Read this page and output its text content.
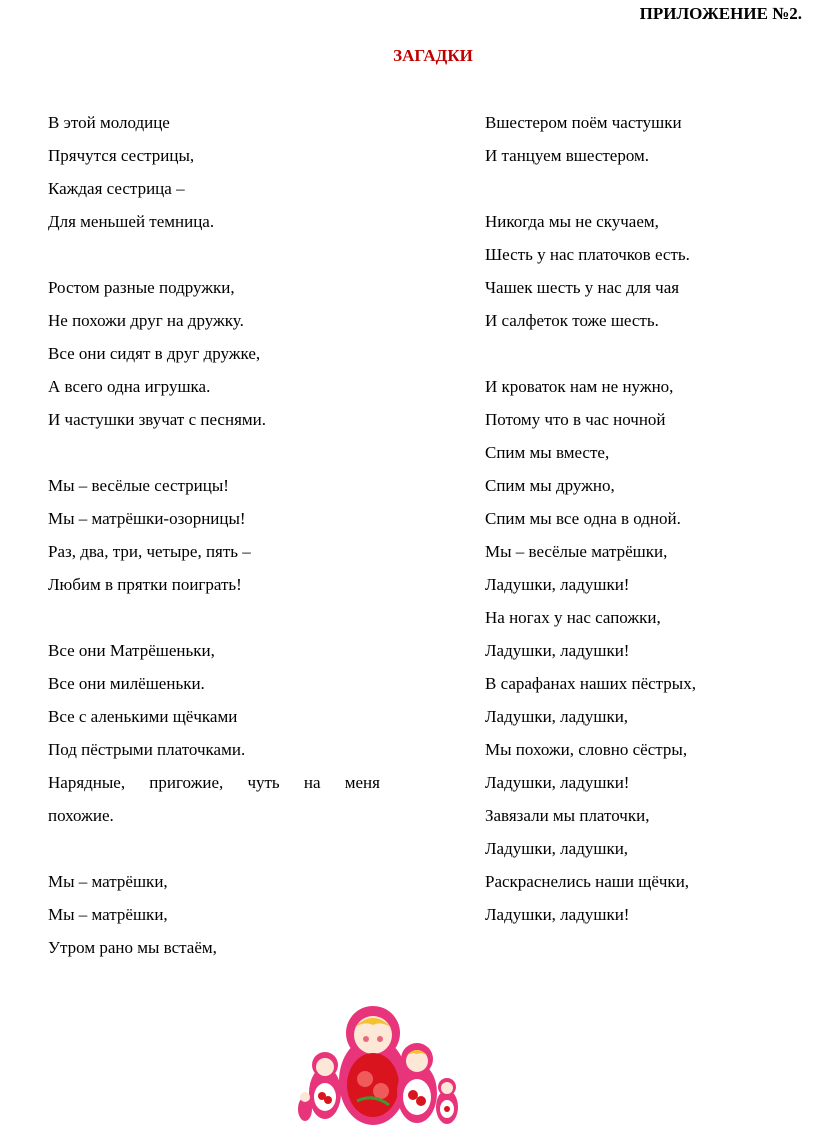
ПРИЛОЖЕНИЕ №2.
ЗАГАДКИ
В этой молодице
Прячутся сестрицы,
Каждая сестрица –
Для меньшей темница.
Ростом разные подружки,
Не похожи друг на дружку.
Все они сидят в друг дружке,
А всего одна игрушка.
И частушки звучат с песнями.
Мы – весёлые сестрицы!
Мы – матрёшки-озорницы!
Раз, два, три, четыре, пять –
Любим в прятки поиграть!
Все они Матрёшеньки,
Все они милёшеньки.
Все с аленькими щёчками
Под пёстрыми платочками.
Нарядные, пригожие, чуть на меня
похожие.
Мы – матрёшки,
Мы – матрёшки,
Утром рано мы встаём,
Вшестером поём частушки
И танцуем вшестером.
Никогда мы не скучаем,
Шесть у нас платочков есть.
Чашек шесть у нас для чая
И салфеток тоже шесть.
И кроваток нам не нужно,
Потому что в час ночной
Спим мы вместе,
Спим мы дружно,
Спим мы все одна в одной.
Мы – весёлые матрёшки,
Ладушки, ладушки!
На ногах у нас сапожки,
Ладушки, ладушки!
В сарафанах наших пёстрых,
Ладушки, ладушки,
Мы похожи, словно сёстры,
Ладушки, ладушки!
Завязали мы платочки,
Ладушки, ладушки,
Раскраснелись наши щёчки,
Ладушки, ладушки!
